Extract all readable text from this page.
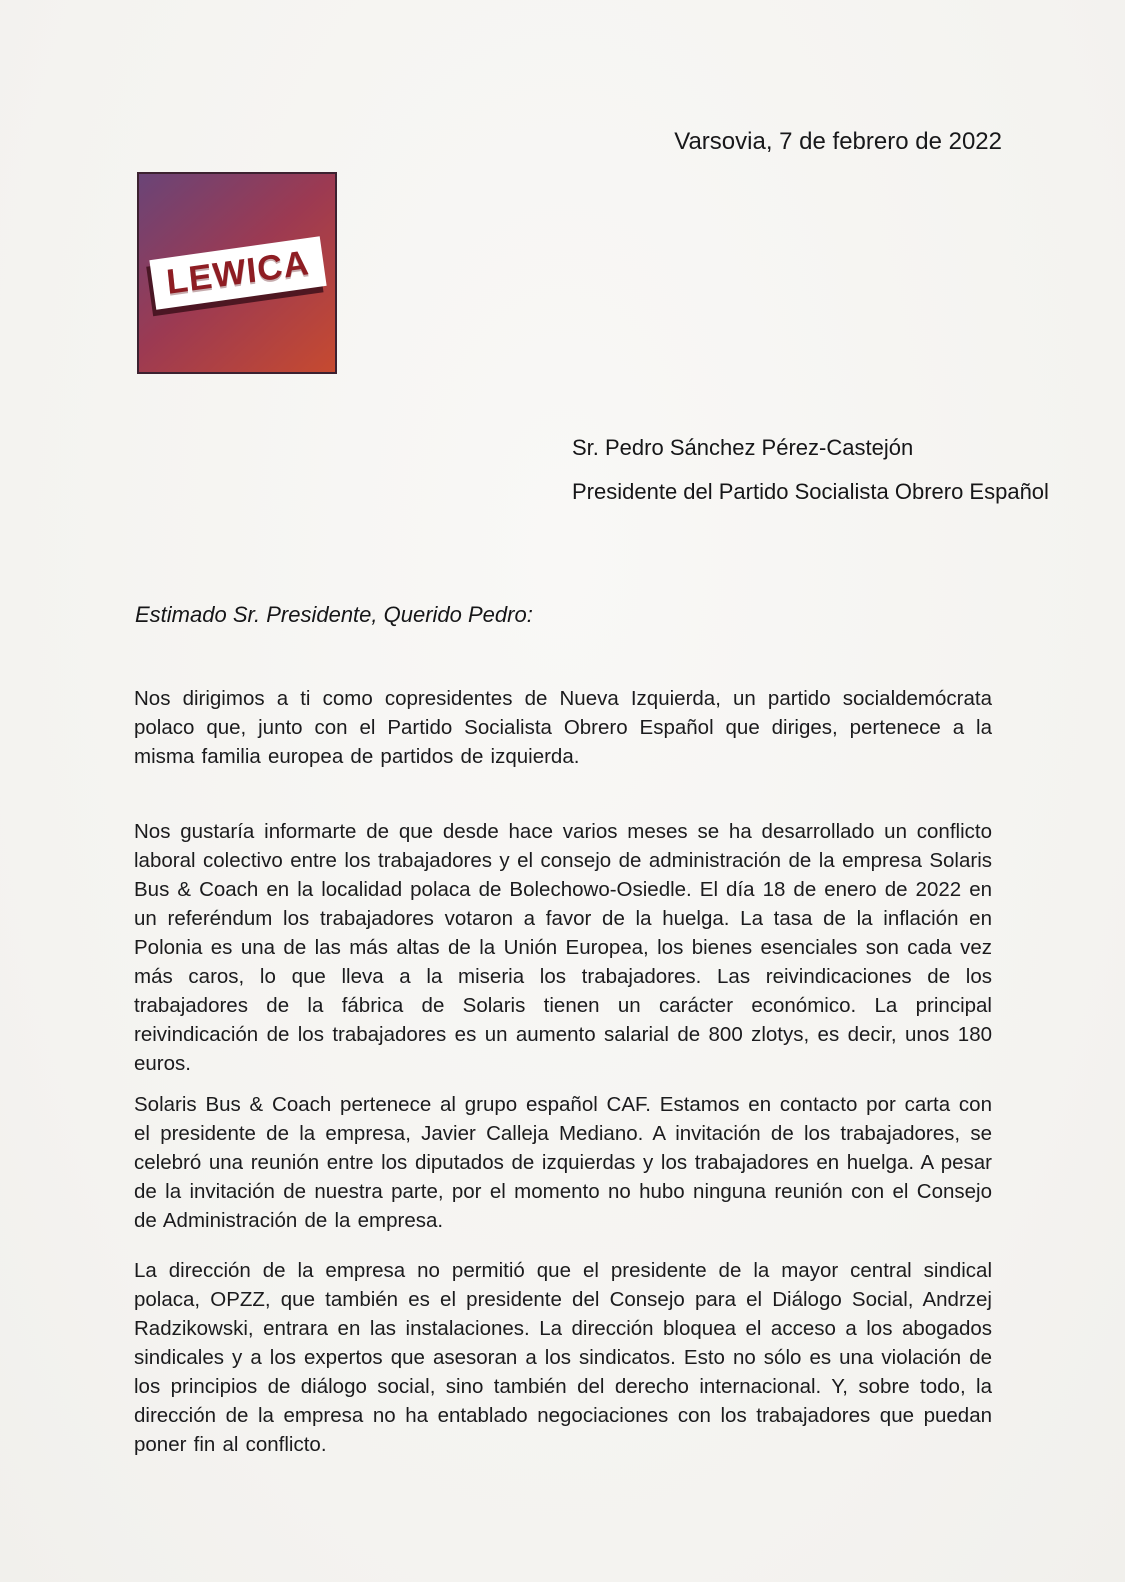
Varsovia, 7 de febrero de 2022
LEWICA
Sr. Pedro Sánchez Pérez-Castejón
Presidente del Partido Socialista Obrero Español
Estimado Sr. Presidente, Querido Pedro:

Nos dirigimos a ti como copresidentes de Nueva Izquierda, un partido socialdemócrata polaco que, junto con el Partido Socialista Obrero Español que diriges, pertenece a la misma familia europea de partidos de izquierda.

Nos gustaría informarte de que desde hace varios meses se ha desarrollado un conflicto laboral colectivo entre los trabajadores y el consejo de administración de la empresa Solaris Bus & Coach en la localidad polaca de Bolechowo-Osiedle. El día 18 de enero de 2022 en un referéndum los trabajadores votaron a favor de la huelga. La tasa de la inflación en Polonia es una de las más altas de la Unión Europea, los bienes esenciales son cada vez más caros, lo que lleva a la miseria los trabajadores. Las reivindicaciones de los trabajadores de la fábrica de Solaris tienen un carácter económico. La principal reivindicación de los trabajadores es un aumento salarial de 800 zlotys, es decir, unos 180 euros.

Solaris Bus & Coach pertenece al grupo español CAF. Estamos en contacto por carta con el presidente de la empresa, Javier Calleja Mediano. A invitación de los trabajadores, se celebró una reunión entre los diputados de izquierdas y los trabajadores en huelga. A pesar de la invitación de nuestra parte, por el momento no hubo ninguna reunión con el Consejo de Administración de la empresa.

La dirección de la empresa no permitió que el presidente de la mayor central sindical polaca, OPZZ, que también es el presidente del Consejo para el Diálogo Social, Andrzej Radzikowski, entrara en las instalaciones. La dirección bloquea el acceso a los abogados sindicales y a los expertos que asesoran a los sindicatos. Esto no sólo es una violación de los principios de diálogo social, sino también del derecho internacional. Y, sobre todo, la dirección de la empresa no ha entablado negociaciones con los trabajadores que puedan poner fin al conflicto.
